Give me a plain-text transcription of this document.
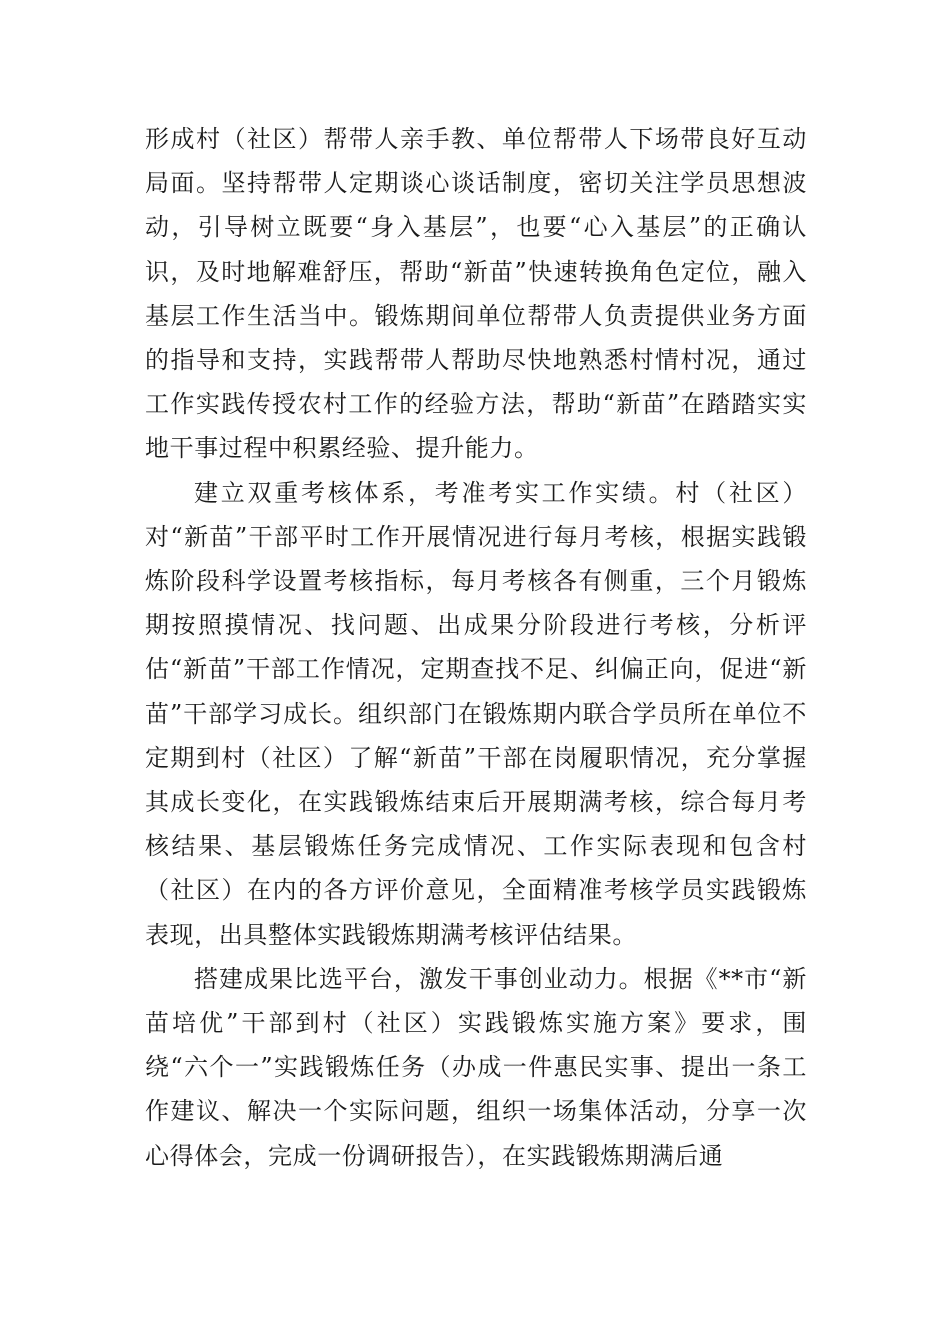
形成村（社区）帮带人亲手教、单位帮带人下场带良好互动局面。坚持帮带人定期谈心谈话制度，密切关注学员思想波动，引导树立既要“身入基层”，也要“心入基层”的正确认识，及时地解难舒压，帮助“新苗”快速转换角色定位，融入基层工作生活当中。锻炼期间单位帮带人负责提供业务方面的指导和支持，实践帮带人帮助尽快地熟悉村情村况，通过工作实践传授农村工作的经验方法，帮助“新苗”在踏踏实实地干事过程中积累经验、提升能力。

建立双重考核体系，考准考实工作实绩。村（社区）对“新苗”干部平时工作开展情况进行每月考核，根据实践锻炼阶段科学设置考核指标，每月考核各有侧重，三个月锻炼期按照摸情况、找问题、出成果分阶段进行考核，分析评估“新苗”干部工作情况，定期查找不足、纠偏正向，促进“新苗”干部学习成长。组织部门在锻炼期内联合学员所在单位不定期到村（社区）了解“新苗”干部在岗履职情况，充分掌握其成长变化，在实践锻炼结束后开展期满考核，综合每月考核结果、基层锻炼任务完成情况、工作实际表现和包含村（社区）在内的各方评价意见，全面精准考核学员实践锻炼表现，出具整体实践锻炼期满考核评估结果。

搭建成果比选平台，激发干事创业动力。根据《**市“新苗培优”干部到村（社区）实践锻炼实施方案》要求，围绕“六个一”实践锻炼任务（办成一件惠民实事、提出一条工作建议、解决一个实际问题，组织一场集体活动，分享一次心得体会，完成一份调研报告），在实践锻炼期满后通
